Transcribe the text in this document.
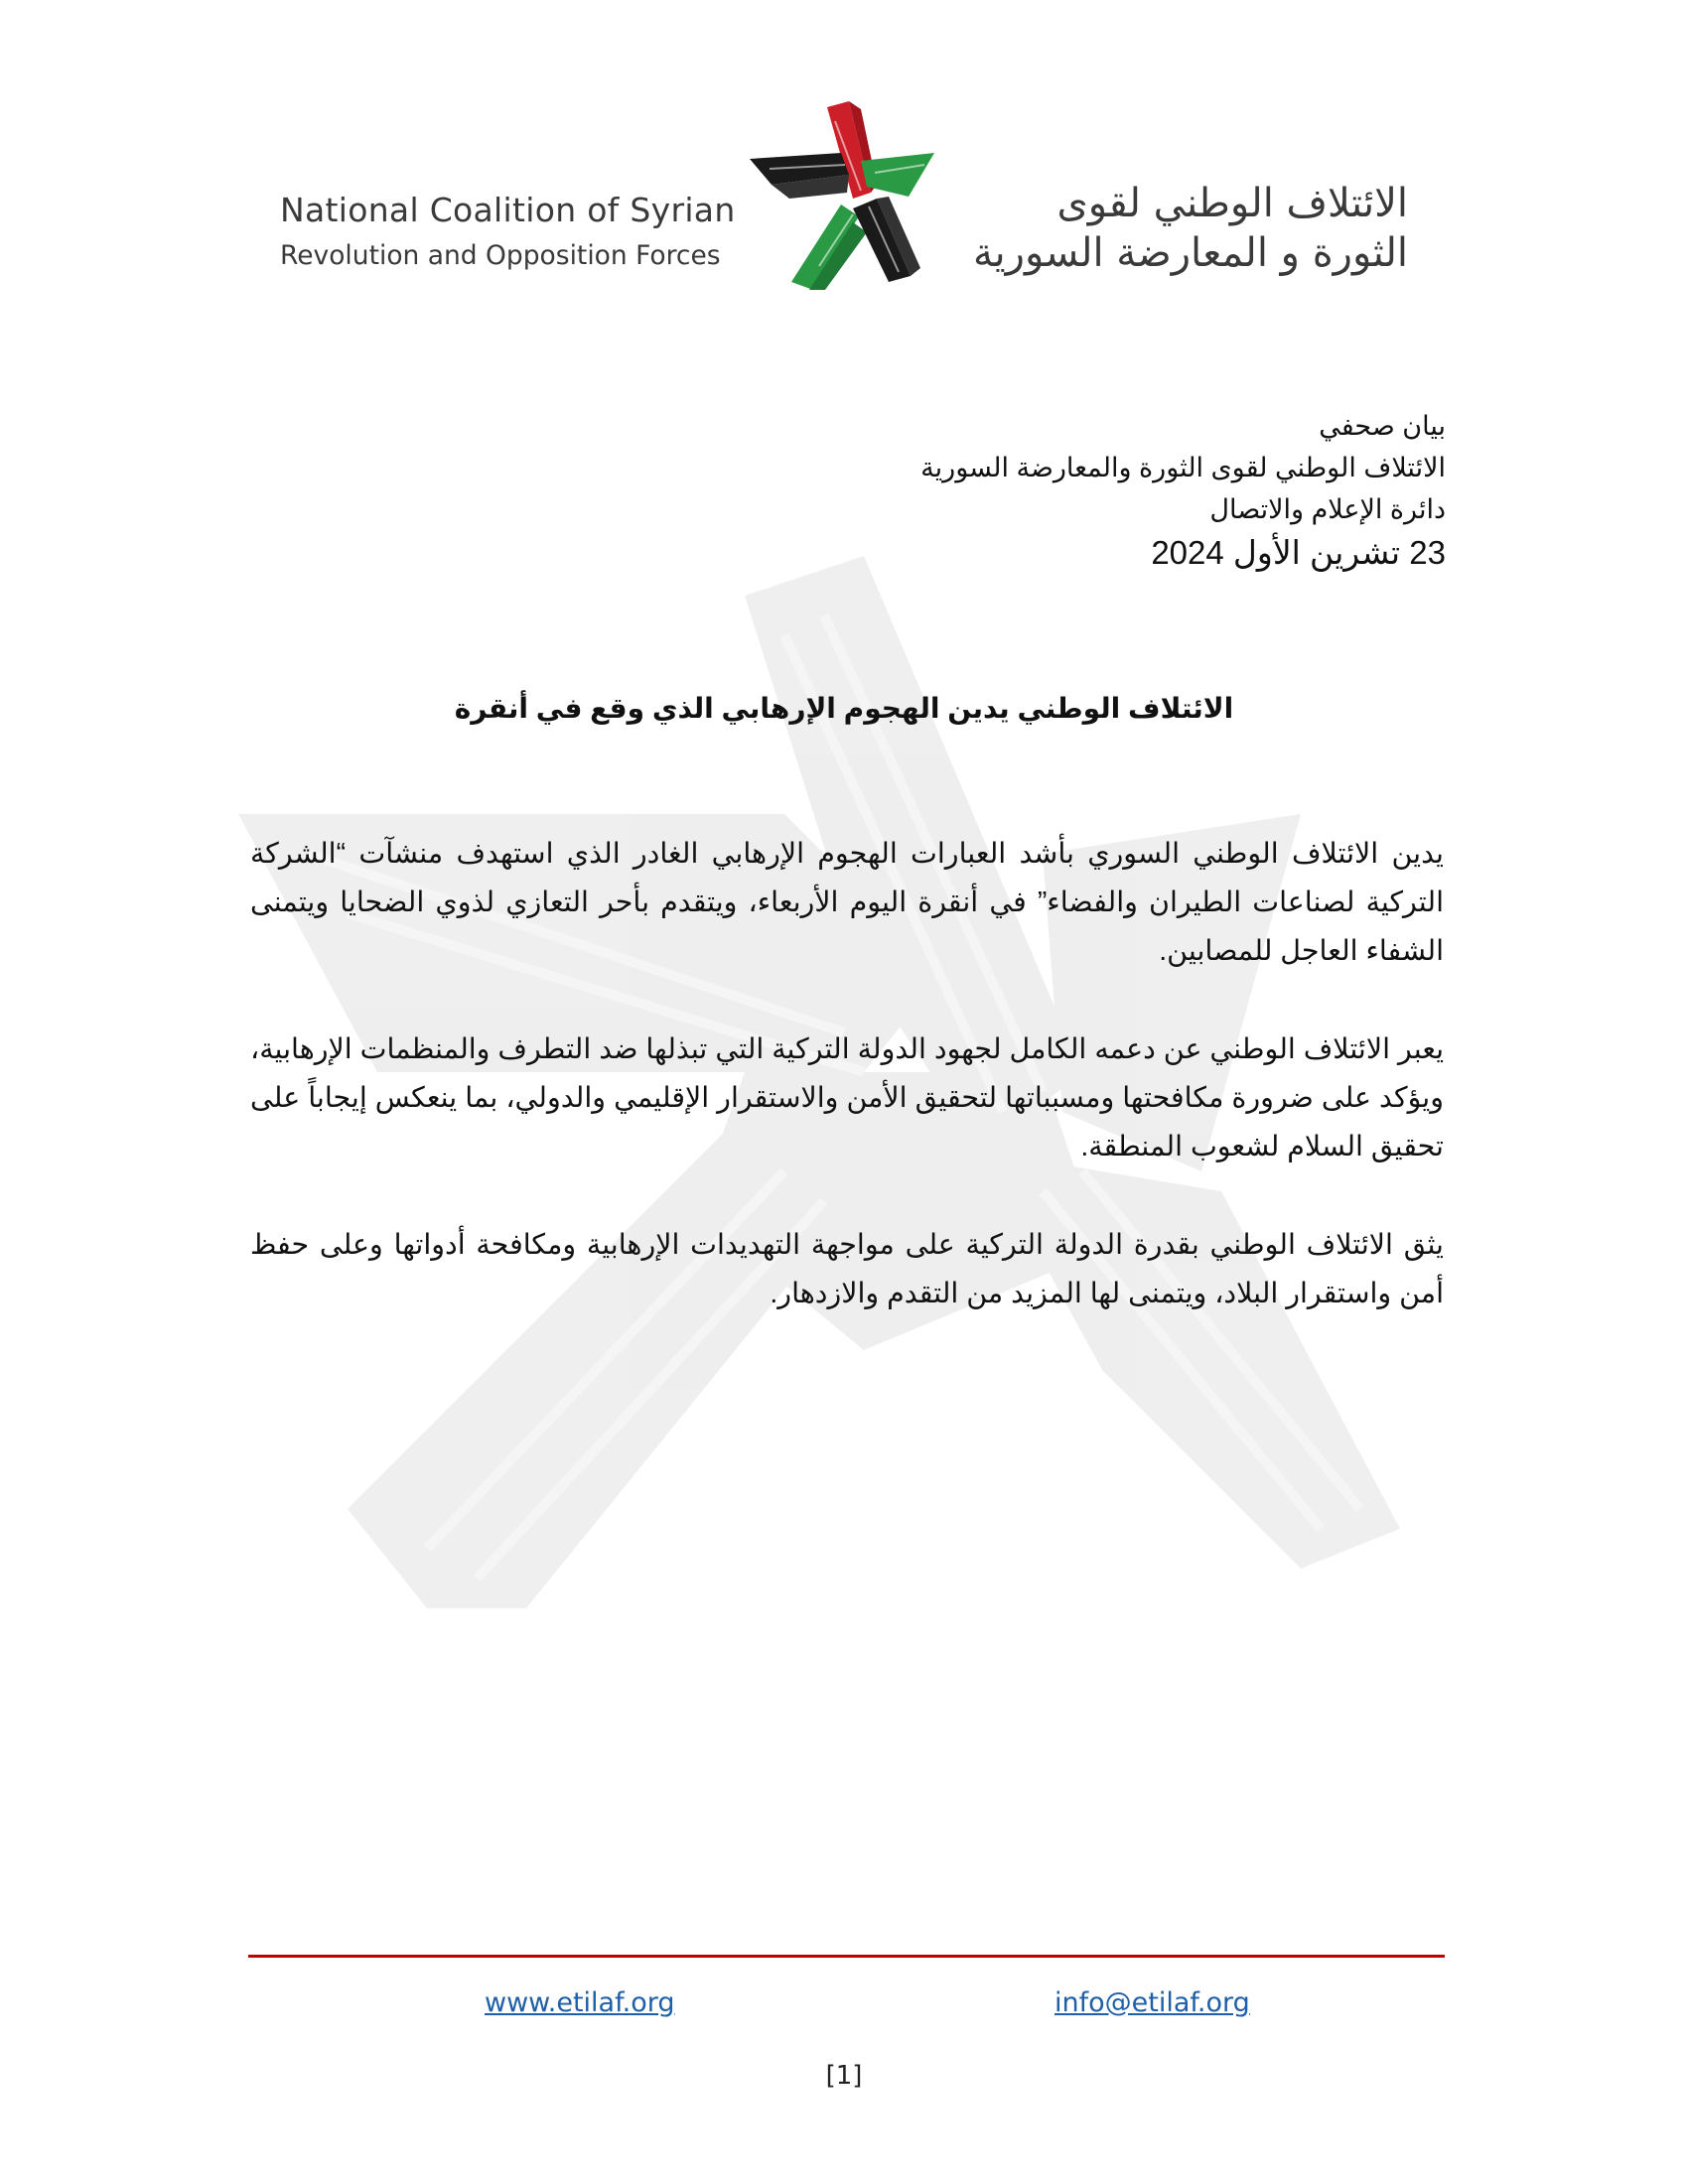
National Coalition of Syrian
Revolution and Opposition Forces
الائتلاف الوطني لقوى
الثورة و المعارضة السورية
بيان صحفي
الائتلاف الوطني لقوى الثورة والمعارضة السورية
دائرة الإعلام والاتصال
23 تشرين الأول 2024
الائتلاف الوطني يدين الهجوم الإرهابي الذي وقع في أنقرة

يدين الائتلاف الوطني السوري بأشد العبارات الهجوم الإرهابي الغادر الذي استهدف منشآت “الشركة التركية لصناعات الطيران والفضاء” في أنقرة اليوم الأربعاء، ويتقدم بأحر التعازي لذوي الضحايا ويتمنى الشفاء العاجل للمصابين.

يعبر الائتلاف الوطني عن دعمه الكامل لجهود الدولة التركية التي تبذلها ضد التطرف والمنظمات الإرهابية، ويؤكد على ضرورة مكافحتها ومسبباتها لتحقيق الأمن والاستقرار الإقليمي والدولي، بما ينعكس إيجاباً على تحقيق السلام لشعوب المنطقة.

يثق الائتلاف الوطني بقدرة الدولة التركية على مواجهة التهديدات الإرهابية ومكافحة أدواتها وعلى حفظ أمن واستقرار البلاد، ويتمنى لها المزيد من التقدم والازدهار.

www.etilaf.org	info@etilaf.org
[1]
